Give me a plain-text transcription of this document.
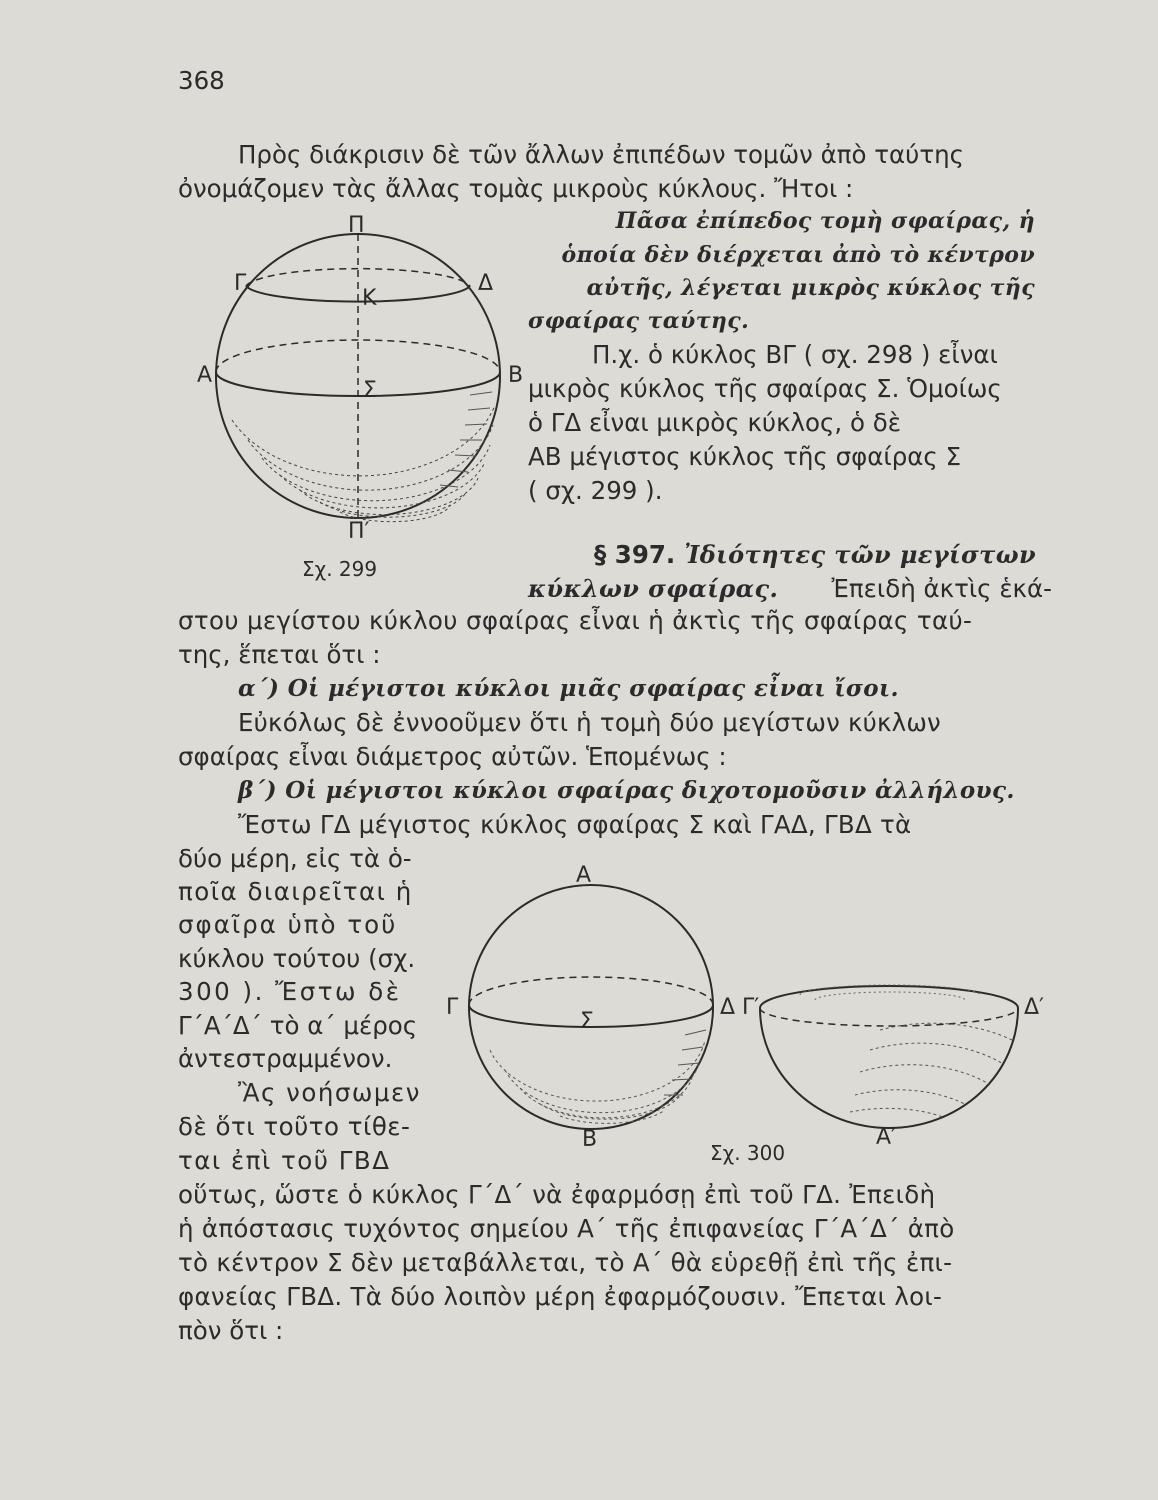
368
Πρὸς διάκρισιν δὲ τῶν ἄλλων ἐπιπέδων τομῶν ἀπὸ ταύτης
ὀνομάζομεν τὰς ἄλλας τομὰς μικροὺς κύκλους. Ἤτοι :
Πᾶσα ἐπίπεδος τομὴ σφαίρας, ἡ
ὁποία δὲν διέρχεται ἀπὸ τὸ κέντρον
αὐτῆς, λέγεται μικρὸς κύκλος τῆς
σφαίρας ταύτης.
Π.χ. ὁ κύκλος ΒΓ ( σχ. 298 ) εἶναι
μικρὸς κύκλος τῆς σφαίρας Σ. Ὁμοίως
ὁ ΓΔ εἶναι μικρὸς κύκλος, ὁ δὲ
ΑΒ μέγιστος κύκλος τῆς σφαίρας Σ
( σχ. 299 ).
Π
Γ	Δ
Κ
Α	Β
Σ
Π′
Σχ. 299	§ 397. Ἰδιότητες τῶν μεγίστων
κύκλων σφαίρας. Ἐπειδὴ ἀκτὶς ἑκά-
στου μεγίστου κύκλου σφαίρας εἶναι ἡ ἀκτὶς τῆς σφαίρας ταύ-
της, ἕπεται ὅτι :
α΄) Οἱ μέγιστοι κύκλοι μιᾶς σφαίρας εἶναι ἴσοι.
Εὐκόλως δὲ ἐννοοῦμεν ὅτι ἡ τομὴ δύο μεγίστων κύκλων
σφαίρας εἶναι διάμετρος αὐτῶν. Ἑπομένως :
β΄) Οἱ μέγιστοι κύκλοι σφαίρας διχοτομοῦσιν ἀλλήλους.
Ἔστω ΓΔ μέγιστος κύκλος σφαίρας Σ καὶ ΓΑΔ, ΓΒΔ τὰ
δύο μέρη, εἰς τὰ ὁ-
ποῖα διαιρεῖται ἡ
σφαῖρα ὑπὸ τοῦ
κύκλου τούτου (σχ.
300 ). Ἔστω δὲ
Γ΄Α΄Δ΄ τὸ α΄ μέρος
ἀντεστραμμένον.
Ἂς νοήσωμεν
δὲ ὅτι τοῦτο τίθε-
ται ἐπὶ τοῦ ΓΒΔ
οὕτως, ὥστε ὁ κύκλος Γ΄Δ΄ νὰ ἐφαρμόσῃ ἐπὶ τοῦ ΓΔ. Ἐπειδὴ
ἡ ἀπόστασις τυχόντος σημείου Α΄ τῆς ἐπιφανείας Γ΄Α΄Δ΄ ἀπὸ
τὸ κέντρον Σ δὲν μεταβάλλεται, τὸ Α΄ θὰ εὑρεθῇ ἐπὶ τῆς ἐπι-
φανείας ΓΒΔ. Τὰ δύο λοιπὸν μέρη ἐφαρμόζουσιν. Ἔπεται λοι-
πὸν ὅτι :
Α
Γ	Δ
Σ
Β
Γ′	Δ′
Α′
Σχ. 300
